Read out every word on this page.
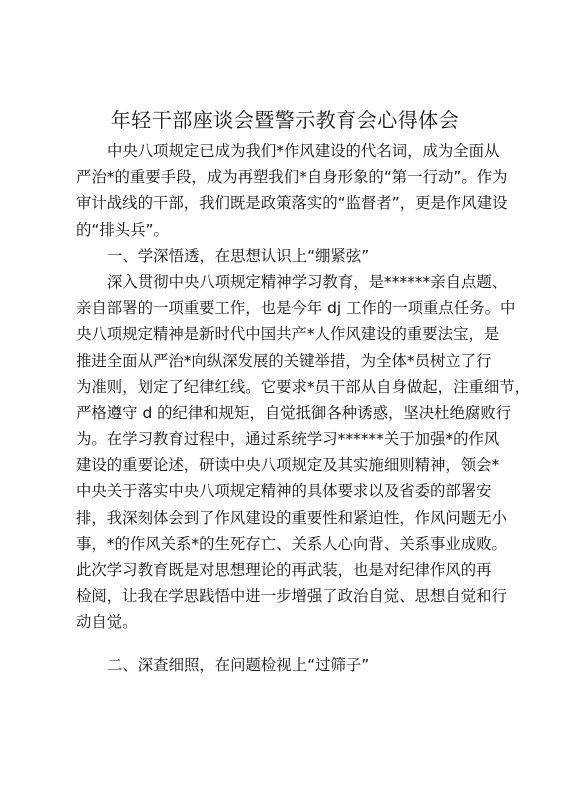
年轻干部座谈会暨警示教育会心得体会
中央八项规定已成为我们*作风建设的代名词，成为全面从
严治*的重要手段，成为再塑我们*自身形象的“第一行动”。作为
审计战线的干部，我们既是政策落实的“监督者”，更是作风建设
的“排头兵”。
一、学深悟透，在思想认识上“绷紧弦”
深入贯彻中央八项规定精神学习教育，是******亲自点题、
亲自部署的一项重要工作，也是今年 dj 工作的一项重点任务。中
央八项规定精神是新时代中国共产*人作风建设的重要法宝，是
推进全面从严治*向纵深发展的关键举措，为全体*员树立了行
为准则，划定了纪律红线。它要求*员干部从自身做起，注重细节，
严格遵守 d 的纪律和规矩，自觉抵御各种诱惑，坚决杜绝腐败行
为。在学习教育过程中，通过系统学习******关于加强*的作风
建设的重要论述，研读中央八项规定及其实施细则精神，领会*
中央关于落实中央八项规定精神的具体要求以及省委的部署安
排，我深刻体会到了作风建设的重要性和紧迫性，作风问题无小
事，*的作风关系*的生死存亡、关系人心向背、关系事业成败。
此次学习教育既是对思想理论的再武装，也是对纪律作风的再
检阅，让我在学思践悟中进一步增强了政治自觉、思想自觉和行
动自觉。
二、深查细照，在问题检视上“过筛子”
